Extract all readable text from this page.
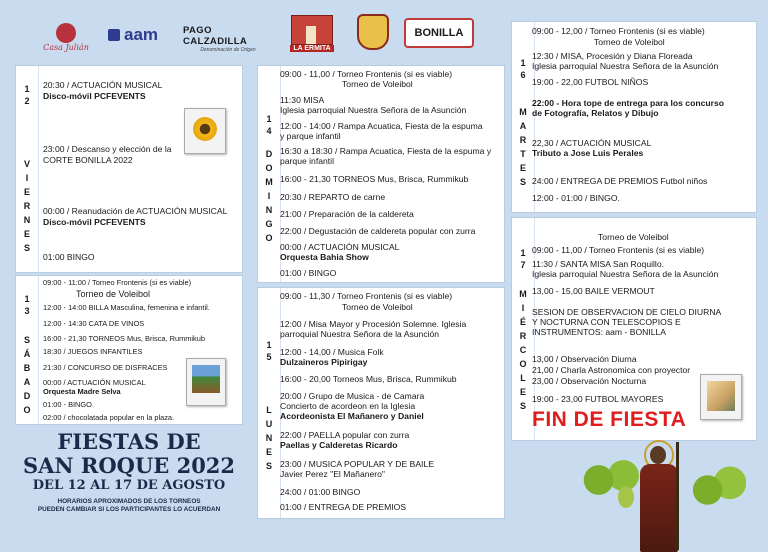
Casa Julián
aam	PAGO CALZADILLA
Denominación de Origen	LA ERMITA
BONILLA
1
2
V
I
E
R
N
E
S
20:30 / ACTUACIÓN MUSICAL
Disco-móvil PCFEVENTS
23:00 / Descanso y elección de la
CORTE BONILLA 2022
00:00 / Reanudación de ACTUACIÓN MUSICAL
Disco-móvil PCFEVENTS
01:00 BINGO
1
3
S
Á
B
A
D
O
09:00 - 11:00 / Torneo Frontenis (si es viable)
Torneo de Voleibol
12:00 - 14:00 BILLA Masculina, femenina e infantil.
12:00 - 14:30 CATA DE VINOS
16:00 - 21,30 TORNEOS Mus, Brisca, Rummikub
18:30 / JUEGOS INFANTILES
21:30 / CONCURSO DE DISFRACES
00:00 / ACTUACIÓN MUSICAL
Orquesta Madre Selva
01:00 - BINGO.
02:00 / chocolatada popular en la plaza.
FIESTAS DE
SAN ROQUE 2022
DEL 12 AL 17 DE AGOSTO
HORARIOS APROXIMADOS DE LOS TORNEOS
PUEDEN CAMBIAR SI LOS PARTICIPANTES LO ACUERDAN
1
4
D
O
M
I
N
G
O
09:00 - 11,00 / Torneo Frontenis (si es viable)
Torneo de Voleibol
11:30 MISA
Iglesia parroquial Nuestra Señora de la Asunción
12:00 - 14:00 / Rampa Acuatica, Fiesta de la espuma
y parque infantil
16:30 a 18:30 / Rampa Acuatica, Fiesta de la espuma y
parque infantil
16:00 - 21,30 TORNEOS Mus, Brisca, Rummikub
20:30 / REPARTO de carne
21:00 / Preparación de la caldereta
22:00 / Degustación de caldereta popular con zurra
00:00 / ACTUACIÓN MUSICAL
Orquesta Bahia Show
01:00 / BINGO
1
5
L
U
N
E
S
09:00 - 11,30 / Torneo Frontenis (si es viable)
Torneo de Voleibol
12:00 / Misa Mayor y Procesión Solemne. Iglesia
parroquial Nuestra Señora de la Asunción
12:00 - 14,00 / Musica Folk
Dulzaineros Pipirigay
16:00 - 20,00 Torneos Mus, Brisca, Rummikub
20:00 / Grupo de Musica - de Camara
Concierto de acordeon en la Iglesia
Acordeonista El Mañanero y Daniel
22:00 / PAELLA popular con zurra
Paellas y Calderetas Ricardo
23:00 / MUSICA POPULAR Y DE BAILE
Javier Perez "El Mañanero"
24:00 / 01:00 BINGO
01:00 / ENTREGA DE PREMIOS
1
6
M
A
R
T
E
S
09:00 - 12,00 / Torneo Frontenis (si es viable)
Torneo de Voleibol
12:30 / MISA, Procesión y Diana Floreada
Iglesia parroquial Nuestra Señora de la Asunción
19:00 - 22,00 FUTBOL NIÑOS
22:00 - Hora tope de entrega para los concurso
de Fotografía, Relatos y Dibujo
22,30 / ACTUACIÓN MUSICAL
Tributo a Jose Luis Perales
24:00 / ENTREGA DE PREMIOS Futbol niños
12:00 - 01:00 / BINGO.
1
7
M
I
É
R
C
O
L
E
S
Torneo de Voleibol
09:00 - 11,00 / Torneo Frontenis (si es viable)
11:30 / SANTA MISA San Roquillo.
Iglesia parroquial Nuestra Señora de la Asunción
13,00 - 15,00 BAILE VERMOUT
SESION DE OBSERVACION DE CIELO DIURNA
Y NOCTURNA CON TELESCOPIOS E
INSTRUMENTOS: aam - BONILLA
13,00 / Observación Diurna
21,00 / Charla Astronomica con proyector
23,00 / Observación Nocturna
19:00 - 23,00 FUTBOL MAYORES
FIN DE FIESTA
